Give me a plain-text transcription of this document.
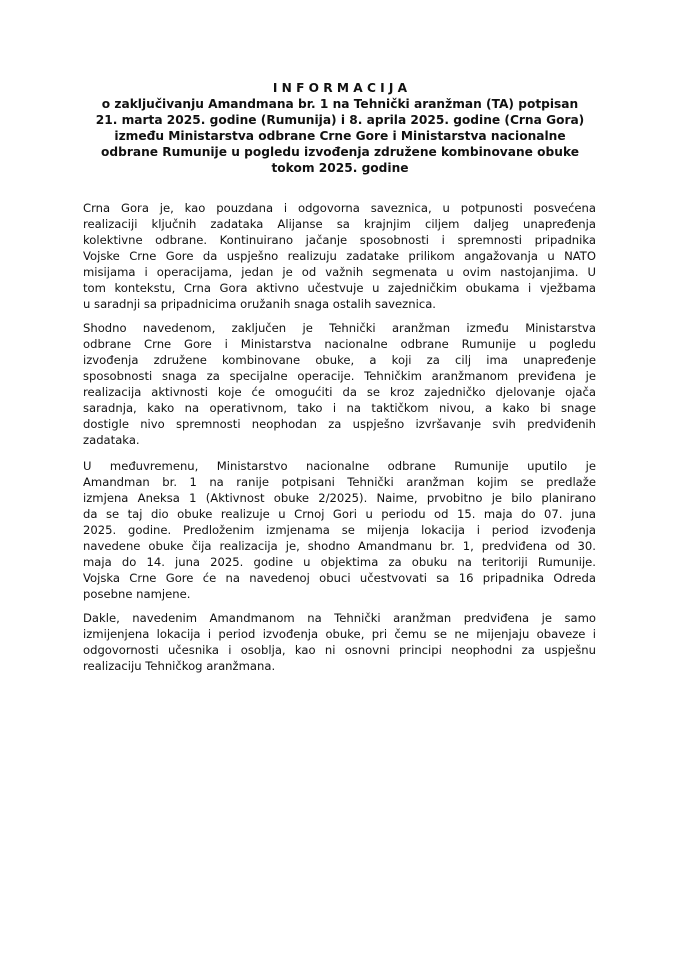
I N F O R M A C I J A
o zaključivanju Amandmana br. 1 na Tehnički aranžman (TA) potpisan
21. marta 2025. godine (Rumunija) i 8. aprila 2025. godine (Crna Gora)
između Ministarstva odbrane Crne Gore i Ministarstva nacionalne
odbrane Rumunije u pogledu izvođenja združene kombinovane obuke
tokom 2025. godine
Crna Gora je, kao pouzdana i odgovorna saveznica, u potpunosti posvećena
realizaciji ključnih zadataka Alijanse sa krajnjim ciljem daljeg unapređenja
kolektivne odbrane. Kontinuirano jačanje sposobnosti i spremnosti pripadnika
Vojske Crne Gore da uspješno realizuju zadatake prilikom angažovanja u NATO
misijama i operacijama, jedan je od važnih segmenata u ovim nastojanjima. U
tom kontekstu, Crna Gora aktivno učestvuje u zajedničkim obukama i vježbama
u saradnji sa pripadnicima oružanih snaga ostalih saveznica.
Shodno navedenom, zaključen je Tehnički aranžman između Ministarstva
odbrane Crne Gore i Ministarstva nacionalne odbrane Rumunije u pogledu
izvođenja združene kombinovane obuke, a koji za cilj ima unapređenje
sposobnosti snaga za specijalne operacije. Tehničkim aranžmanom previđena je
realizacija aktivnosti koje će omogućiti da se kroz zajedničko djelovanje ojača
saradnja, kako na operativnom, tako i na taktičkom nivou, a kako bi snage
dostigle nivo spremnosti neophodan za uspješno izvršavanje svih predviđenih
zadataka.
U međuvremenu, Ministarstvo nacionalne odbrane Rumunije uputilo je
Amandman br. 1 na ranije potpisani Tehnički aranžman kojim se predlaže
izmjena Aneksa 1 (Aktivnost obuke 2/2025). Naime, prvobitno je bilo planirano
da se taj dio obuke realizuje u Crnoj Gori u periodu od 15. maja do 07. juna
2025. godine. Predloženim izmjenama se mijenja lokacija i period izvođenja
navedene obuke čija realizacija je, shodno Amandmanu br. 1, predviđena od 30.
maja do 14. juna 2025. godine u objektima za obuku na teritoriji Rumunije.
Vojska Crne Gore će na navedenoj obuci učestvovati sa 16 pripadnika Odreda
posebne namjene.
Dakle, navedenim Amandmanom na Tehnički aranžman predviđena je samo
izmijenjena lokacija i period izvođenja obuke, pri čemu se ne mijenjaju obaveze i
odgovornosti učesnika i osoblja, kao ni osnovni principi neophodni za uspješnu
realizaciju Tehničkog aranžmana.
